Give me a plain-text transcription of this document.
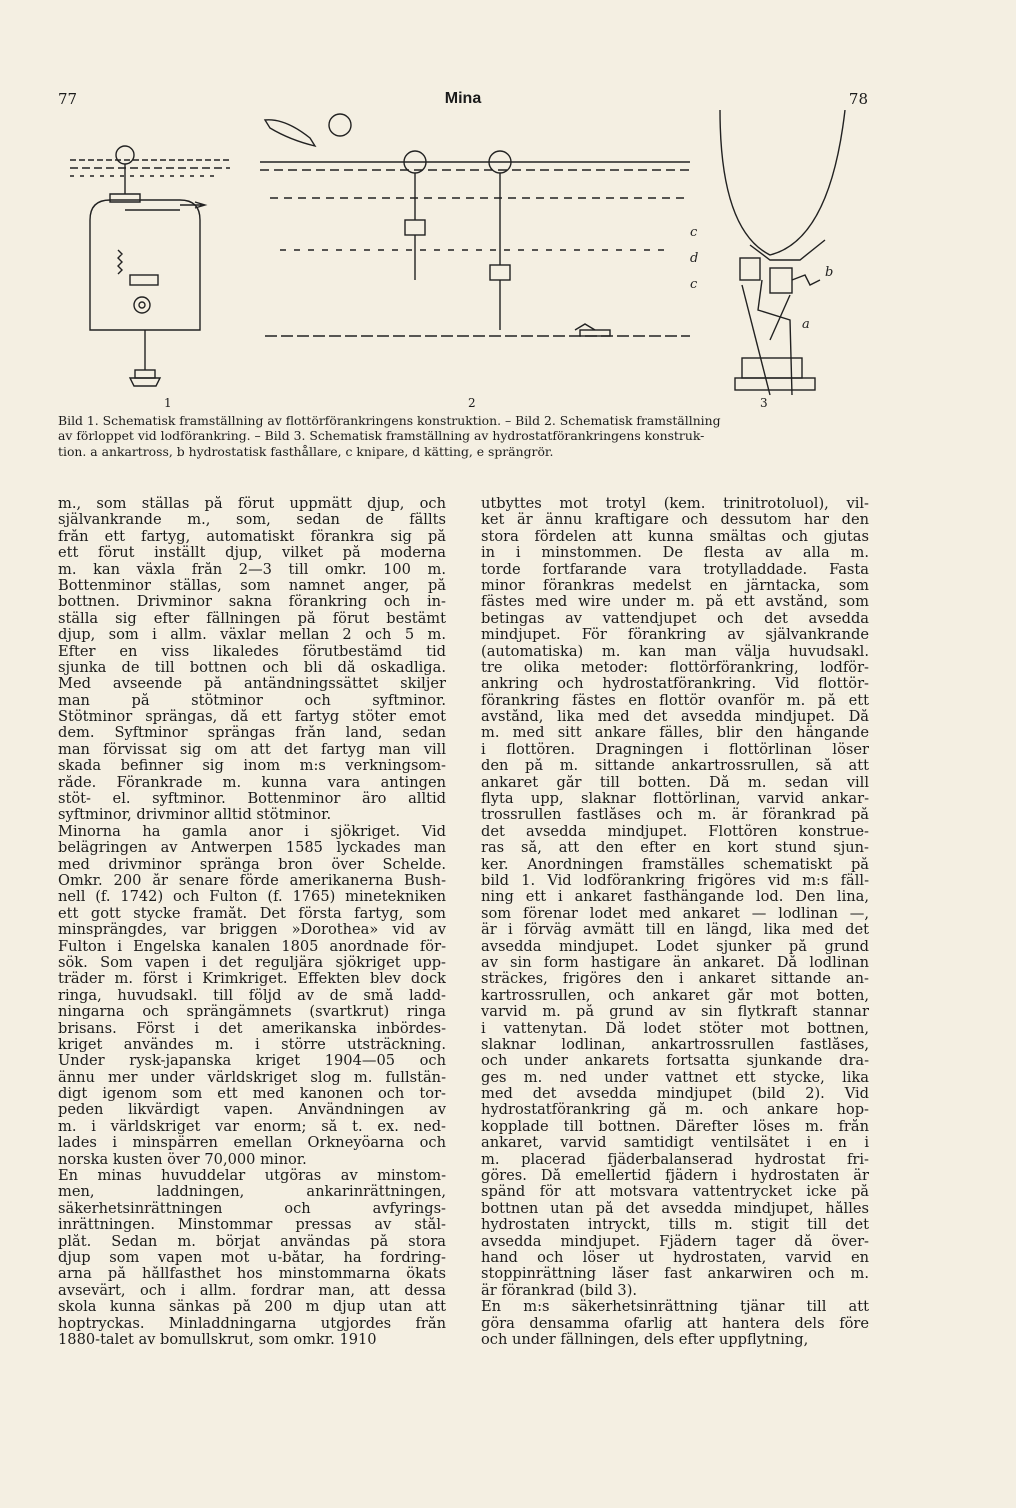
77	Mina	78
c
d
c
b
a
1	2	3
Bild 1. Schematisk framställning av flottörförankringens konstruktion. – Bild 2. Schematisk framställning
av förloppet vid lodförankring. – Bild 3. Schematisk framställning av hydrostatförankringens konstruk-
tion. a ankartross, b hydrostatisk fasthållare, c knipare, d kätting, e sprängrör.
m., som ställas på förut uppmätt djup, och
självankrande m., som, sedan de fällts
från ett fartyg, automatiskt förankra sig på
ett förut inställt djup, vilket på moderna
m. kan växla från 2—3 till omkr. 100 m.
Bottenminor ställas, som namnet anger, på
bottnen. Drivminor sakna förankring och in-
ställa sig efter fällningen på förut bestämt
djup, som i allm. växlar mellan 2 och 5 m.
Efter en viss likaledes förutbestämd tid
sjunka de till bottnen och bli då oskadliga.
Med avseende på antändningssättet skiljer
man på stötminor och syftminor.
Stötminor sprängas, då ett fartyg stöter emot
dem. Syftminor sprängas från land, sedan
man förvissat sig om att det fartyg man vill
skada befinner sig inom m:s verkningsom-
råde. Förankrade m. kunna vara antingen
stöt- el. syftminor. Bottenminor äro alltid
syftminor, drivminor alltid stötminor.
Minorna ha gamla anor i sjökriget. Vid
belägringen av Antwerpen 1585 lyckades man
med drivminor spränga bron över Schelde.
Omkr. 200 år senare förde amerikanerna Bush-
nell (f. 1742) och Fulton (f. 1765) minetekniken
ett gott stycke framåt. Det första fartyg, som
minsprängdes, var briggen »Dorothea» vid av
Fulton i Engelska kanalen 1805 anordnade för-
sök. Som vapen i det reguljära sjökriget upp-
träder m. först i Krimkriget. Effekten blev dock
ringa, huvudsakl. till följd av de små ladd-
ningarna och sprängämnets (svartkrut) ringa
brisans. Först i det amerikanska inbördes-
kriget användes m. i större utsträckning.
Under rysk-japanska kriget 1904—05 och
ännu mer under världskriget slog m. fullstän-
digt igenom som ett med kanonen och tor-
peden likvärdigt vapen. Användningen av
m. i världskriget var enorm; så t. ex. ned-
lades i minspärren emellan Orkneyöarna och
norska kusten över 70,000 minor.
En minas huvuddelar utgöras av minstom-
men, laddningen, ankarinrättningen,
säkerhetsinrättningen och avfyrings-
inrättningen. Minstommar pressas av stål-
plåt. Sedan m. börjat användas på stora
djup som vapen mot u-båtar, ha fordring-
arna på hållfasthet hos minstommarna ökats
avsevärt, och i allm. fordrar man, att dessa
skola kunna sänkas på 200 m djup utan att
hoptryckas. Minladdningarna utgjordes från
1880-talet av bomullskrut, som omkr. 1910
utbyttes mot trotyl (kem. trinitrotoluol), vil-
ket är ännu kraftigare och dessutom har den
stora fördelen att kunna smältas och gjutas
in i minstommen. De flesta av alla m.
torde fortfarande vara trotylladdade. Fasta
minor förankras medelst en järntacka, som
fästes med wire under m. på ett avstånd, som
betingas av vattendjupet och det avsedda
mindjupet. För förankring av självankrande
(automatiska) m. kan man välja huvudsakl.
tre olika metoder: flottörförankring, lodför-
ankring och hydrostatförankring. Vid flottör-
förankring fästes en flottör ovanför m. på ett
avstånd, lika med det avsedda mindjupet. Då
m. med sitt ankare fälles, blir den hängande
i flottören. Dragningen i flottörlinan löser
den på m. sittande ankartrossrullen, så att
ankaret går till botten. Då m. sedan vill
flyta upp, slaknar flottörlinan, varvid ankar-
trossrullen fastlåses och m. är förankrad på
det avsedda mindjupet. Flottören konstrue-
ras så, att den efter en kort stund sjun-
ker. Anordningen framställes schematiskt på
bild 1. Vid lodförankring frigöres vid m:s fäll-
ning ett i ankaret fasthängande lod. Den lina,
som förenar lodet med ankaret — lodlinan —,
är i förväg avmätt till en längd, lika med det
avsedda mindjupet. Lodet sjunker på grund
av sin form hastigare än ankaret. Då lodlinan
sträckes, frigöres den i ankaret sittande an-
kartrossrullen, och ankaret går mot botten,
varvid m. på grund av sin flytkraft stannar
i vattenytan. Då lodet stöter mot bottnen,
slaknar lodlinan, ankartrossrullen fastlåses,
och under ankarets fortsatta sjunkande dra-
ges m. ned under vattnet ett stycke, lika
med det avsedda mindjupet (bild 2). Vid
hydrostatförankring gå m. och ankare hop-
kopplade till bottnen. Därefter löses m. från
ankaret, varvid samtidigt ventilsätet i en i
m. placerad fjäderbalanserad hydrostat fri-
göres. Då emellertid fjädern i hydrostaten är
spänd för att motsvara vattentrycket icke på
bottnen utan på det avsedda mindjupet, hålles
hydrostaten intryckt, tills m. stigit till det
avsedda mindjupet. Fjädern tager då över-
hand och löser ut hydrostaten, varvid en
stoppinrättning låser fast ankarwiren och m.
är förankrad (bild 3).
En m:s säkerhetsinrättning tjänar till att
göra densamma ofarlig att hantera dels före
och under fällningen, dels efter uppflytning,
